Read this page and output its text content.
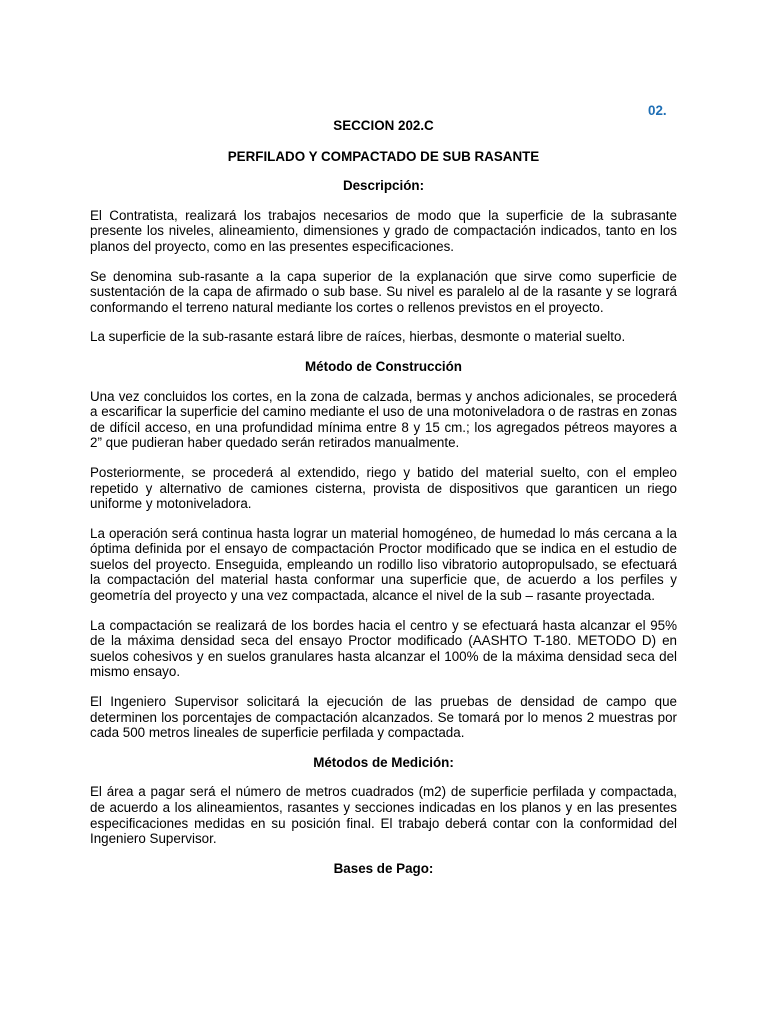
02.
SECCION 202.C
PERFILADO Y COMPACTADO DE SUB RASANTE
Descripción:

El Contratista, realizará los trabajos necesarios de modo que la superficie de la subrasante presente los niveles, alineamiento, dimensiones y grado de compactación indicados, tanto en los planos del proyecto, como en las presentes especificaciones.

Se denomina sub-rasante a la capa superior de la explanación que sirve como superficie de sustentación de la capa de afirmado o sub base. Su nivel es paralelo al de la rasante y se logrará conformando el terreno natural mediante los cortes o rellenos previstos en el proyecto.

La superficie de la sub-rasante estará libre de raíces, hierbas, desmonte o material suelto.

Método de Construcción

Una vez concluidos los cortes, en la zona de calzada, bermas y anchos adicionales, se procederá a escarificar la superficie del camino mediante el uso de una motoniveladora o de rastras en zonas de difícil acceso, en una profundidad mínima entre 8 y 15 cm.; los agregados pétreos mayores a 2” que pudieran haber quedado serán retirados manualmente.

Posteriormente, se procederá al extendido, riego y batido del material suelto, con el empleo repetido y alternativo de camiones cisterna, provista de dispositivos que garanticen un riego uniforme y motoniveladora.

La operación será continua hasta lograr un material homogéneo, de humedad lo más cercana a la óptima definida por el ensayo de compactación Proctor modificado que se indica en el estudio de suelos del proyecto. Enseguida, empleando un rodillo liso vibratorio autopropulsado, se efectuará la compactación del material hasta conformar una superficie que, de acuerdo a los perfiles y geometría del proyecto y una vez compactada, alcance el nivel de la sub – rasante proyectada.

La compactación se realizará de los bordes hacia el centro y se efectuará hasta alcanzar el 95% de la máxima densidad seca del ensayo Proctor modificado (AASHTO T-180. METODO D) en suelos cohesivos y en suelos granulares hasta alcanzar el 100% de la máxima densidad seca del mismo ensayo.

El Ingeniero Supervisor solicitará la ejecución de las pruebas de densidad de campo que determinen los porcentajes de compactación alcanzados. Se tomará por lo menos 2 muestras por cada 500 metros lineales de superficie perfilada y compactada.

Métodos de Medición:

El área a pagar será el número de metros cuadrados (m2) de superficie perfilada y compactada, de acuerdo a los alineamientos, rasantes y secciones indicadas en los planos y en las presentes especificaciones medidas en su posición final. El trabajo deberá contar con la conformidad del Ingeniero Supervisor.

Bases de Pago:
